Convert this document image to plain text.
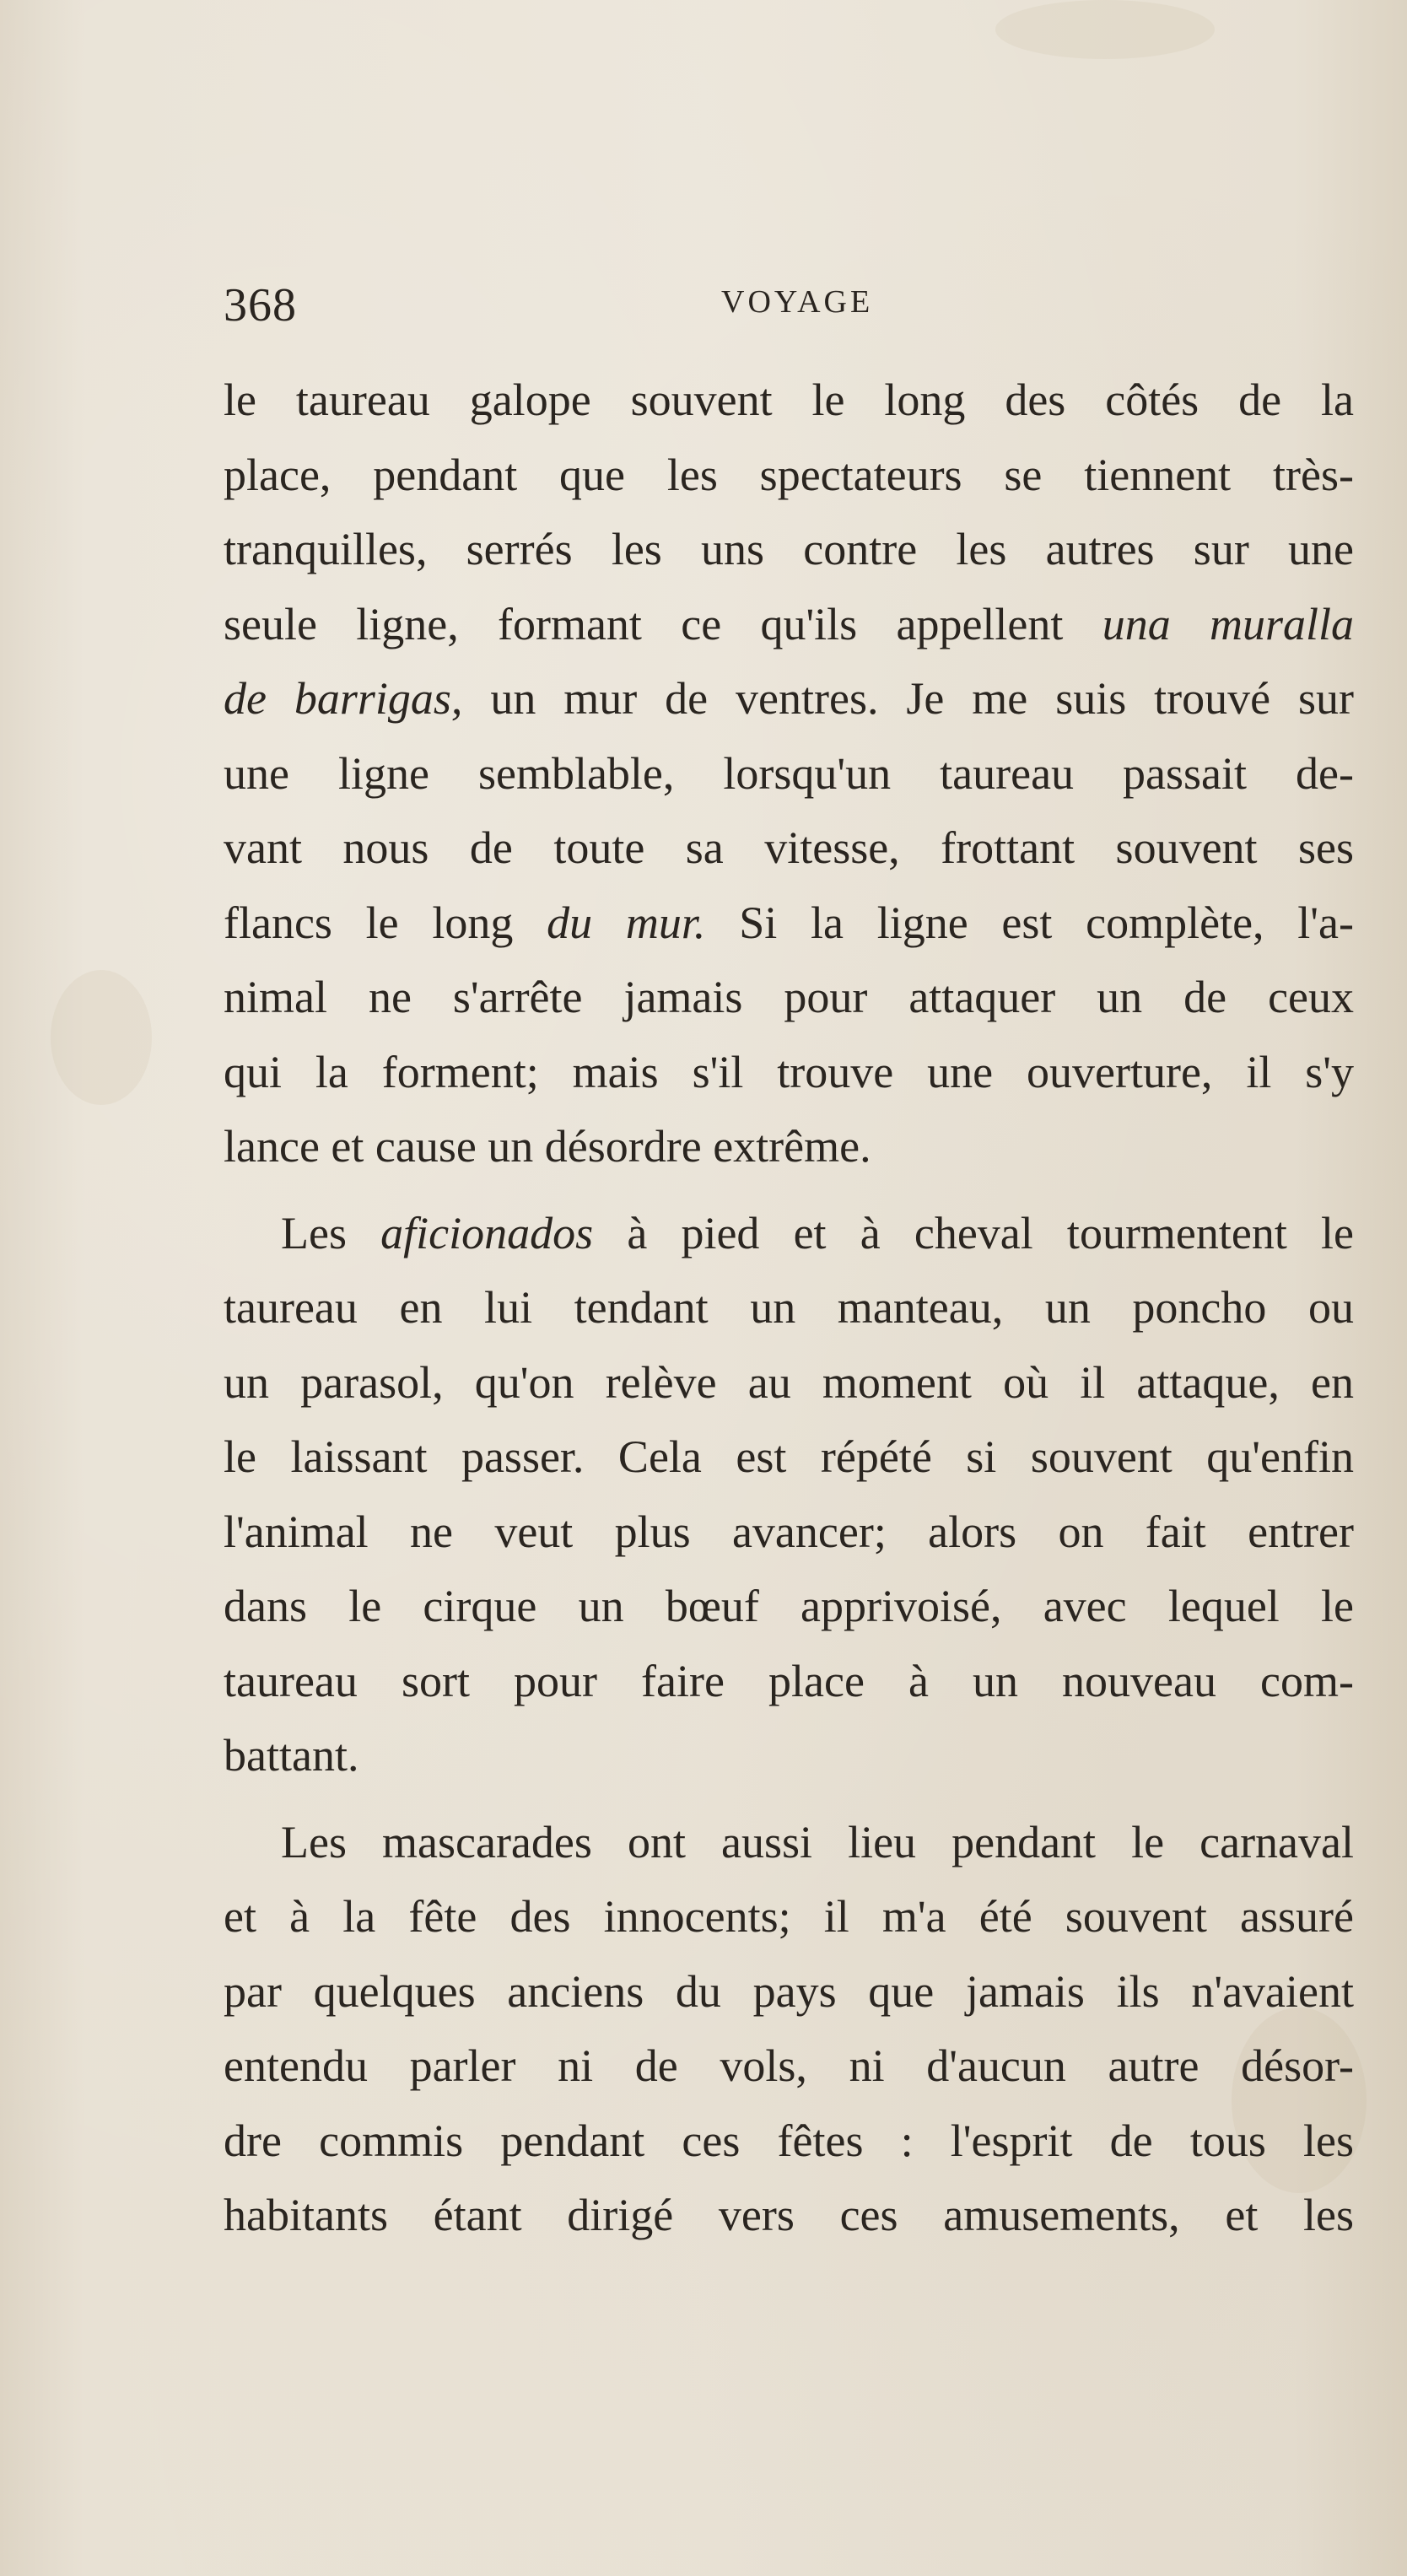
368	VOYAGE
le taureau galope souvent le long des côtés de la
place, pendant que les spectateurs se tiennent très-
tranquilles, serrés les uns contre les autres sur une
seule ligne, formant ce qu'ils appellent una muralla
de barrigas, un mur de ventres. Je me suis trouvé sur
une ligne semblable, lorsqu'un taureau passait de-
vant nous de toute sa vitesse, frottant souvent ses
flancs le long du mur. Si la ligne est complète, l'a-
nimal ne s'arrête jamais pour attaquer un de ceux
qui la forment; mais s'il trouve une ouverture, il s'y
lance et cause un désordre extrême.
Les aficionados à pied et à cheval tourmentent le
taureau en lui tendant un manteau, un poncho ou
un parasol, qu'on relève au moment où il attaque, en
le laissant passer. Cela est répété si souvent qu'enfin
l'animal ne veut plus avancer; alors on fait entrer
dans le cirque un bœuf apprivoisé, avec lequel le
taureau sort pour faire place à un nouveau com-
battant.
Les mascarades ont aussi lieu pendant le carnaval
et à la fête des innocents; il m'a été souvent assuré
par quelques anciens du pays que jamais ils n'avaient
entendu parler ni de vols, ni d'aucun autre désor-
dre commis pendant ces fêtes : l'esprit de tous les
habitants étant dirigé vers ces amusements, et les
